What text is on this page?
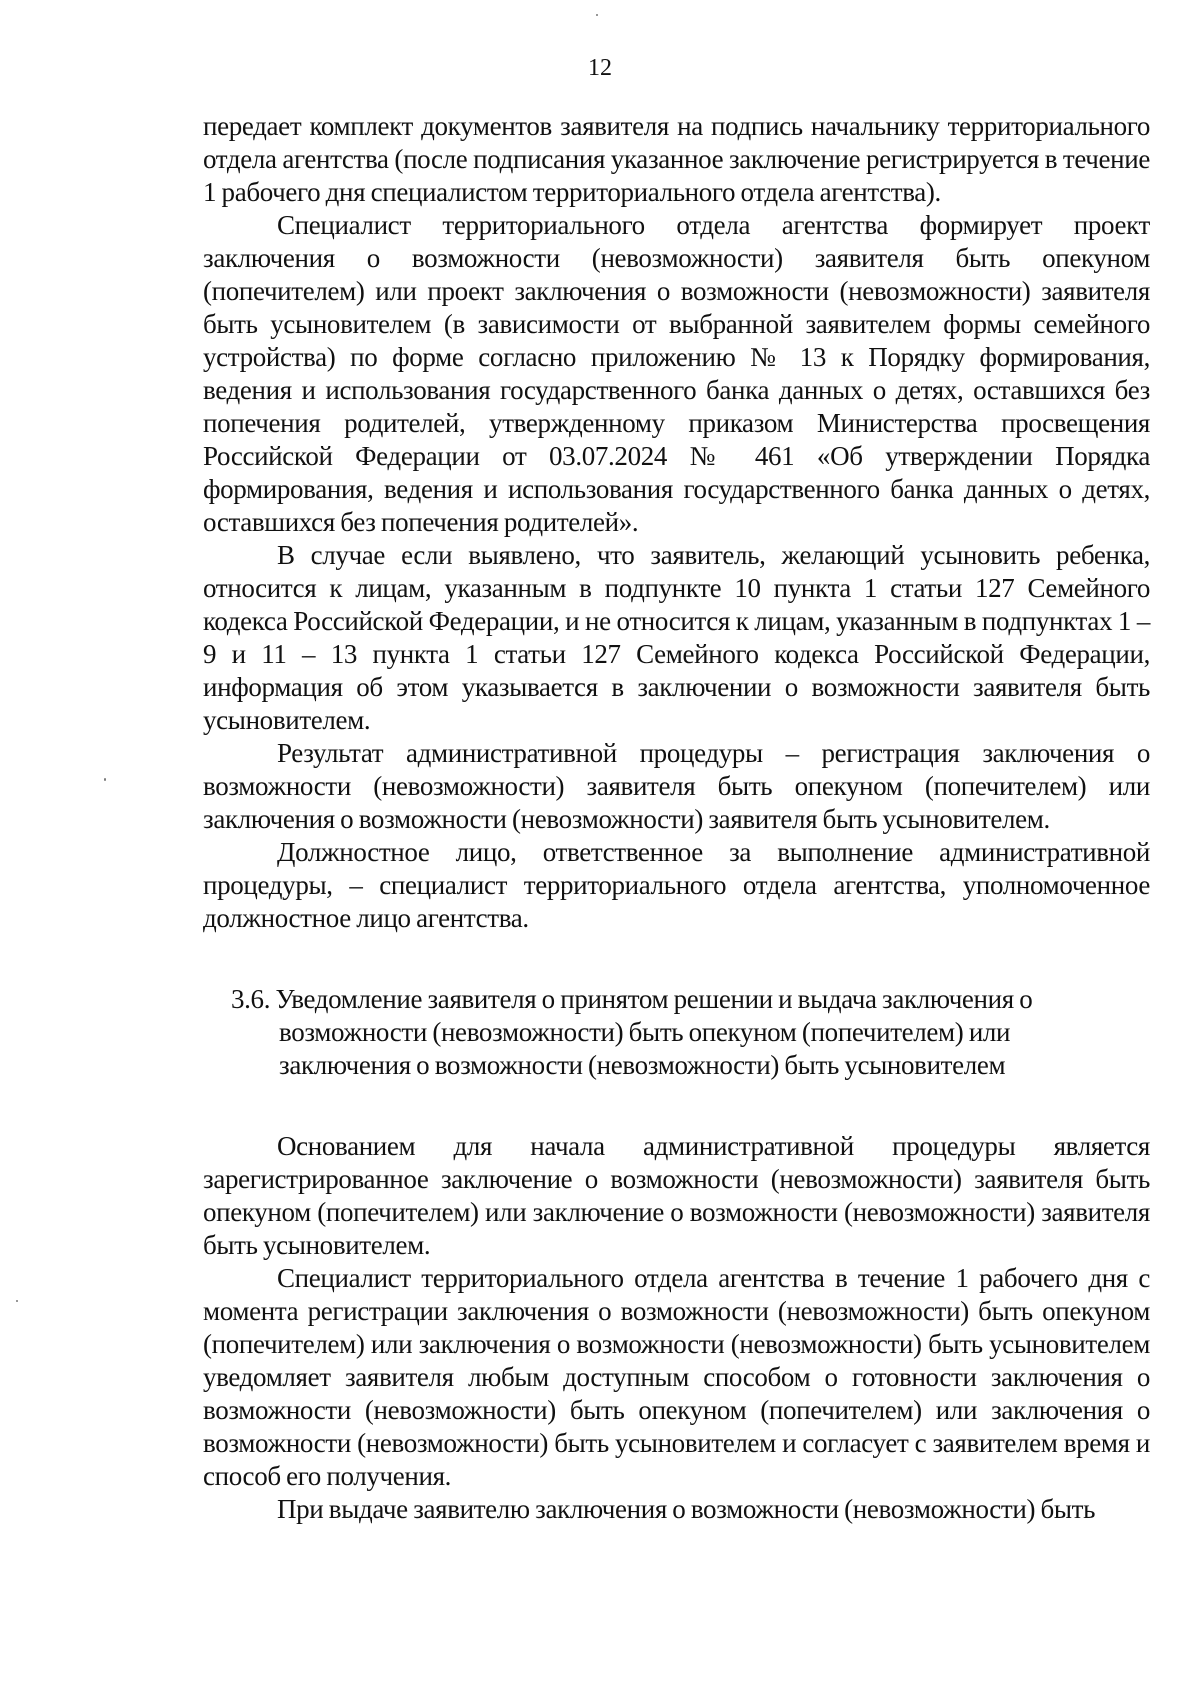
12

передает комплект документов заявителя на подпись начальнику территориального отдела агентства (после подписания указанное заключение регистрируется в течение 1 рабочего дня специалистом территориального отдела агентства).

Специалист территориального отдела агентства формирует проект заключения о возможности (невозможности) заявителя быть опекуном (попечителем) или проект заключения о возможности (невозможности) заявителя быть усыновителем (в зависимости от выбранной заявителем формы семейного устройства) по форме согласно приложению № 13 к Порядку формирования, ведения и использования государственного банка данных о детях, оставшихся без попечения родителей, утвержденному приказом Министерства просвещения Российской Федерации от 03.07.2024 № 461 «Об утверждении Порядка формирования, ведения и использования государственного банка данных о детях, оставшихся без попечения родителей».

В случае если выявлено, что заявитель, желающий усыновить ребенка, относится к лицам, указанным в подпункте 10 пункта 1 статьи 127 Семейного кодекса Российской Федерации, и не относится к лицам, указанным в подпунктах 1 – 9 и 11 – 13 пункта 1 статьи 127 Семейного кодекса Российской Федерации, информация об этом указывается в заключении о возможности заявителя быть усыновителем.

Результат административной процедуры – регистрация заключения о возможности (невозможности) заявителя быть опекуном (попечителем) или заключения о возможности (невозможности) заявителя быть усыновителем.

Должностное лицо, ответственное за выполнение административной процедуры, – специалист территориального отдела агентства, уполномоченное должностное лицо агентства.

3.6. Уведомление заявителя о принятом решении и выдача заключения о
возможности (невозможности) быть опекуном (попечителем) или
заключения о возможности (невозможности) быть усыновителем

Основанием для начала административной процедуры является зарегистрированное заключение о возможности (невозможности) заявителя быть опекуном (попечителем) или заключение о возможности (невозможности) заявителя быть усыновителем.

Специалист территориального отдела агентства в течение 1 рабочего дня с момента регистрации заключения о возможности (невозможности) быть опекуном (попечителем) или заключения о возможности (невозможности) быть усыновителем уведомляет заявителя любым доступным способом о готовности заключения о возможности (невозможности) быть опекуном (попечителем) или заключения о возможности (невозможности) быть усыновителем и согласует с заявителем время и способ его получения.

При выдаче заявителю заключения о возможности (невозможности) быть
